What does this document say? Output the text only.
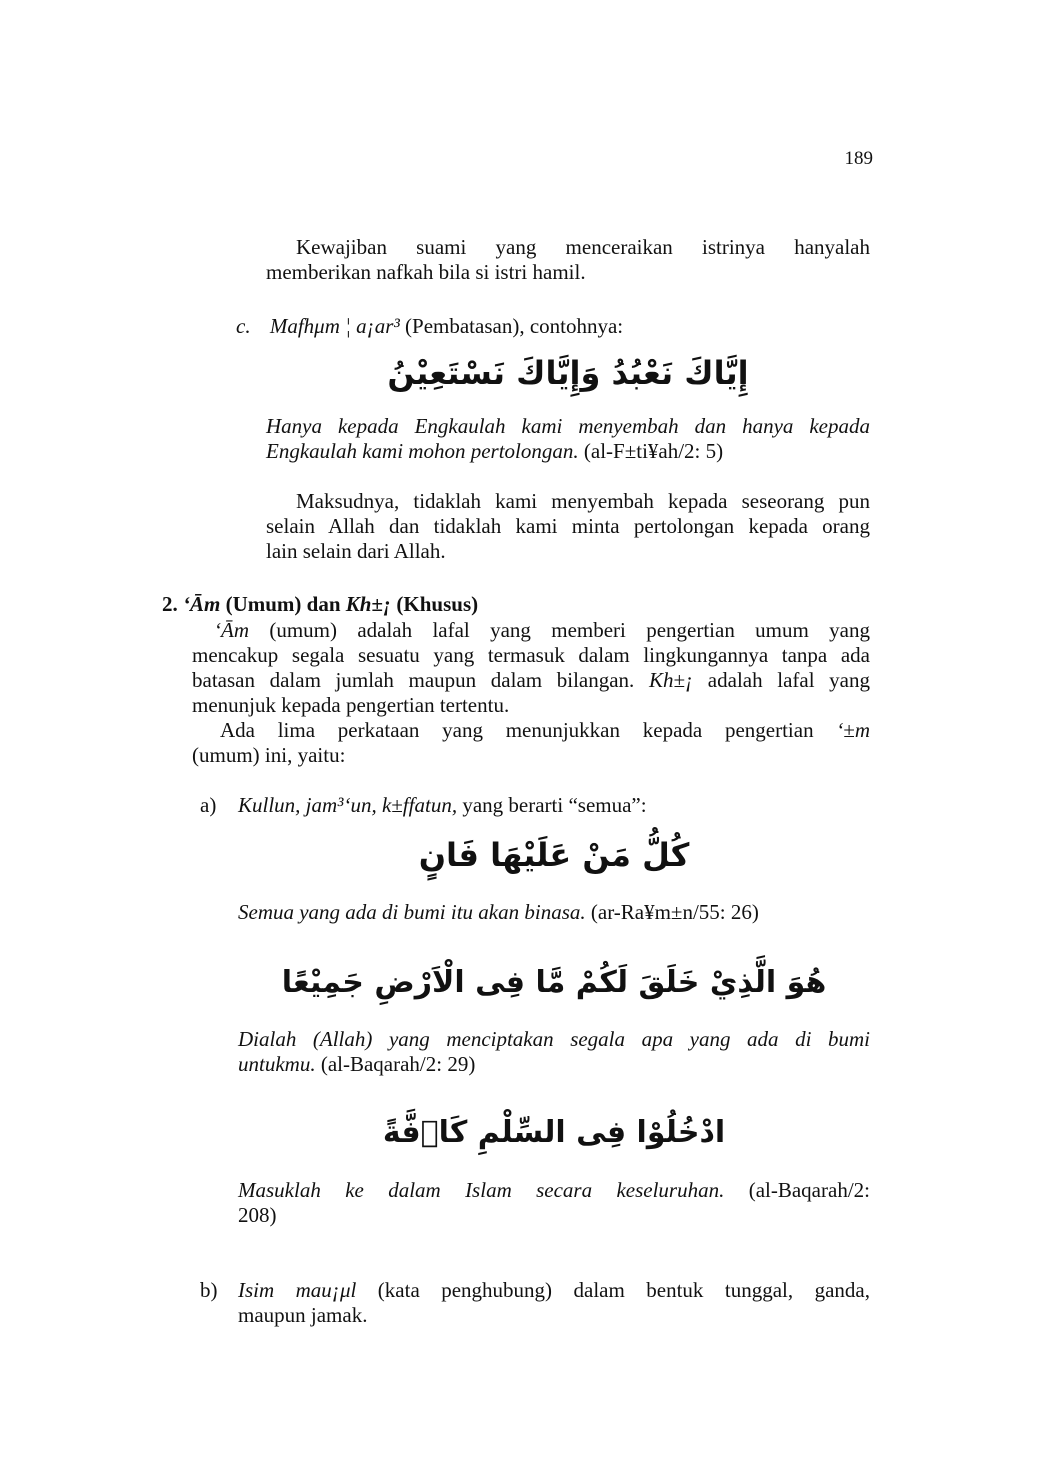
189
Kewajiban suami yang menceraikan istrinya hanyalah
memberikan nafkah bila si istri hamil.
c. Mafhμm ¦ a¡ar³ (Pembatasan), contohnya:
إِيَّاكَ نَعْبُدُ وَإِيَّاكَ نَسْتَعِيْنُ
Hanya kepada Engkaulah kami menyembah dan hanya kepada
Engkaulah kami mohon pertolongan. (al-F±ti¥ah/2: 5)
Maksudnya, tidaklah kami menyembah kepada seseorang pun
selain Allah dan tidaklah kami minta pertolongan kepada orang
lain selain dari Allah.
2. ‘Ām (Umum) dan Kh±¡ (Khusus)
‘Ām (umum) adalah lafal yang memberi pengertian umum yang
mencakup segala sesuatu yang termasuk dalam lingkungannya tanpa ada
batasan dalam jumlah maupun dalam bilangan. Kh±¡ adalah lafal yang
menunjuk kepada pengertian tertentu.
Ada lima perkataan yang menunjukkan kepada pengertian ‘±m
(umum) ini, yaitu:
a)	Kullun, jam³‘un, k±ffatun, yang berarti “semua”:
كُلُّ مَنْ عَلَيْهَا فَانٍ
Semua yang ada di bumi itu akan binasa. (ar-Ra¥m±n/55: 26)
هُوَ الَّذِيْ خَلَقَ لَكُمْ مَّا فِى الْاَرْضِ جَمِيْعًا
Dialah (Allah) yang menciptakan segala apa yang ada di bumi
untukmu. (al-Baqarah/2: 29)
ادْخُلُوْا فِى السِّلْمِ كَاۤفَّةً
Masuklah ke dalam Islam secara keseluruhan. (al-Baqarah/2:
208)
b) Isim mau¡μl (kata penghubung) dalam bentuk tunggal, ganda,
maupun jamak.
